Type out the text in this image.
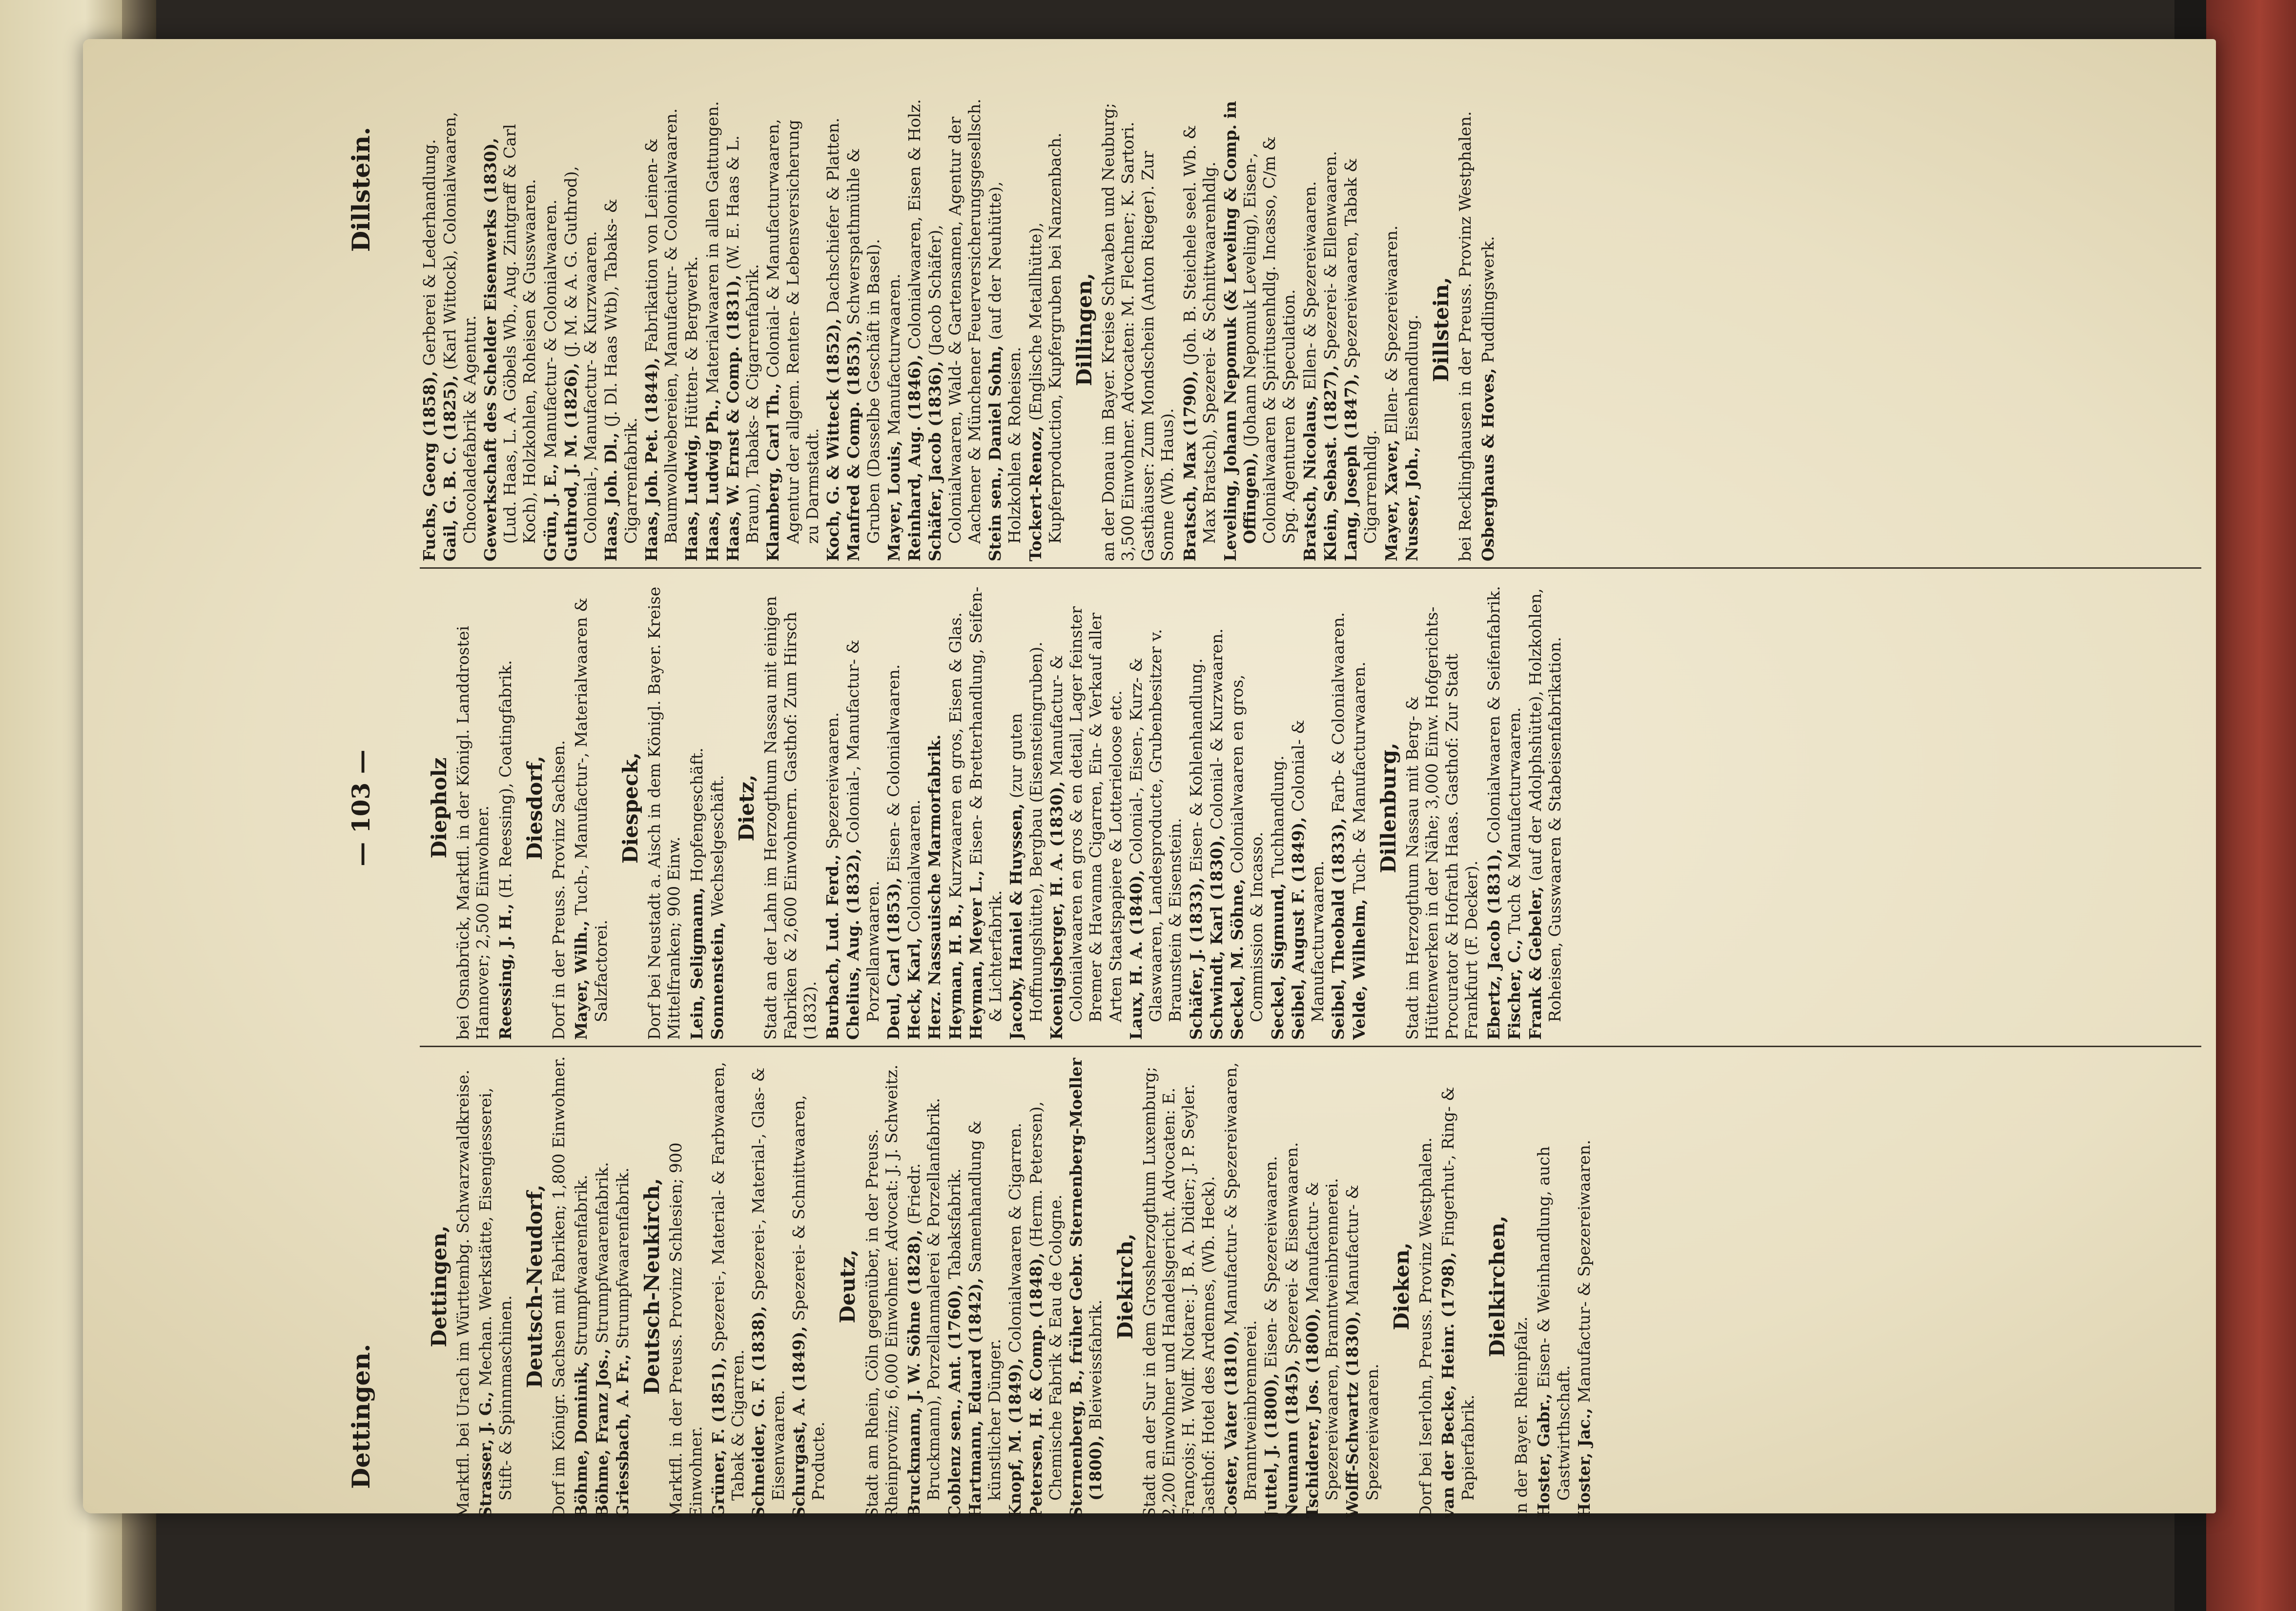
Dettingen.
— 103 —
Dillstein.
Dettingen, Marktfl. bei Urach im Württembg. Schwarzwaldkreise. Strasser, J. G., Mechan. Werkstätte, Eisengiesserei, Stift- & Spinnmaschinen.
Deutsch-Neudorf, Dorf im Königr. Sachsen mit Fabriken; 1,800 Einwohner. Böhme, Dominik, Strumpfwaarenfabrik.
Böhme, Franz Jos., Strumpfwaarenfabrik.
Griessbach, A. Fr., Strumpfwaarenfabrik. Deutsch-Neukirch, Marktfl. in der Preuss. Provinz Schlesien; 900 Einwohner. Grüner, F. (1851), Spezerei-, Material- & Farbwaaren, Tabak & Cigarren. Schneider, G. F. (1838), Spezerei-, Material-, Glas- & Eisenwaaren. Schurgast, A. (1849), Spezerei- & Schnittwaaren, Producte.
Deutz, Stadt am Rhein, Cöln gegenüber, in der Preuss. Rheinprovinz; 6,000 Einwohner. Advocat: J. J. Schweitz. Bruckmann, J. W. Söhne (1828), (Friedr. Bruckmann), Porzellanmalerei & Porzellanfabrik. Coblenz sen., Ant. (1760), Tabaksfabrik.
Hartmann, Eduard (1842), Samenhandlung & künstlicher Dünger. Knopf, M. (1849), Colonialwaaren & Cigarren.
Petersen, H. & Comp. (1848), (Herm. Petersen), Chemische Fabrik & Eau de Cologne. Sternenberg, B., früher Gebr. Sternenberg-Moeller (1800), Bleiweissfabrik.
Diekirch, Stadt an der Sur in dem Grossherzogthum Luxemburg; 2,200 Einwohner und Handelsgericht. Advocaten: E. François; H. Wolff. Notare: J. B. A. Didier; J. P. Seyler. Gasthof: Hotel des Ardennes, (Wb. Heck). Coster, Vater (1810), Manufactur- & Spezereiwaaren, Branntweinbrennerei. Juttel, J. (1800), Eisen- & Spezereiwaaren.
Neumann (1845), Spezerei- & Eisenwaaren.
Tschiderer, Jos. (1800), Manufactur- & Spezereiwaaren, Branntweinbrennerei. Wolff-Schwartz (1830), Manufactur- & Spezereiwaaren.
Dieken, Dorf bei Iserlohn, Preuss. Provinz Westphalen. van der Becke, Heinr. (1798), Fingerhut-, Ring- & Papierfabrik.
Dielkirchen,
in der Bayer. Rheinpfalz. Hoster, Gabr., Eisen- & Weinhandlung, auch Gastwirthschaft. Hoster, Jac., Manufactur- & Spezereiwaaren.
Diepholz bei Osnabrück, Marktfl. in der Königl. Landdrostei Hannover; 2,500 Einwohner. Reessing, J. H., (H. Reessing), Coatingfabrik. Diesdorf, Dorf in der Preuss. Provinz Sachsen. Mayer, Wilh., Tuch-, Manufactur-, Materialwaaren & Salzfactorei.
Diespeck, Dorf bei Neustadt a. Aisch in dem Königl. Bayer. Kreise Mittelfranken; 900 Einw. Lein, Seligmann, Hopfengeschäft.
Sonnenstein, Wechselgeschäft. Dietz, Stadt an der Lahn im Herzogthum Nassau mit einigen Fabriken & 2,600 Einwohnern. Gasthof: Zum Hirsch (1832). Burbach, Lud. Ferd., Spezereiwaaren.
Chelius, Aug. (1832), Colonial-, Manufactur- & Porzellanwaaren. Deul, Carl (1853), Eisen- & Colonialwaaren.
Heck, Karl, Colonialwaaren. Herz. Nassauische Marmorfabrik. Heyman, H. B., Kurzwaaren en gros, Eisen & Glas.
Heyman, Meyer L., Eisen- & Bretterhandlung, Seifen- & Lichterfabrik. Jacoby, Haniel & Huyssen, (zur guten Hoffnungshütte), Bergbau (Eisensteingruben). Koenigsberger, H. A. (1830), Manufactur- & Colonialwaaren en gros & en detail, Lager feinster Bremer & Havanna Cigarren, Ein- & Verkauf aller Arten Staatspapiere & Lotterieloose etc. Laux, H. A. (1840), Colonial-, Eisen-, Kurz- & Glaswaaren, Landesproducte, Grubenbesitzer v. Braunstein & Eisenstein. Schäfer, J. (1833), Eisen- & Kohlenhandlung.
Schwindt, Karl (1830), Colonial- & Kurzwaaren.
Seckel, M. Söhne, Colonialwaaren en gros, Commission & Incasso. Seckel, Sigmund, Tuchhandlung. Seibel, August F. (1849), Colonial- & Manufacturwaaren. Seibel, Theobald (1833), Farb- & Colonialwaaren.
Velde, Wilhelm, Tuch- & Manufacturwaaren. Dillenburg, Stadt im Herzogthum Nassau mit Berg- & Hüttenwerken in der Nähe; 3,000 Einw. Hofgerichts-Procurator & Hofrath Haas. Gasthof: Zur Stadt Frankfurt (F. Decker). Ebertz, Jacob (1831), Colonialwaaren & Seifenfabrik.
Fischer, C., Tuch & Manufacturwaaren.
Frank & Gebeler, (auf der Adolphshütte), Holzkohlen, Roheisen, Gusswaaren & Stabeisenfabrikation.
Fuchs, Georg (1858), Gerberei & Lederhandlung.
Gail, G. B. C. (1825), (Karl Wittock), Colonialwaaren, Chocoladefabrik & Agentur. Gewerkschaft des Schelder Eisenwerks (1830), (Lud. Haas, L. A. Göbels Wb., Aug. Zintgraff & Carl Koch), Holzkohlen, Roheisen & Gusswaaren. Grün, J. E., Manufactur- & Colonialwaaren. Guthrod, J. M. (1826), (J. M. & A. G. Guthrod), Colonial-, Manufactur- & Kurzwaaren. Haas, Joh. Dl., (J. Dl. Haas Wtb), Tabaks- & Cigarrenfabrik. Haas, Joh. Pet. (1844), Fabrikation von Leinen- & Baumwollwebereien, Manufactur- & Colonialwaaren. Haas, Ludwig, Hütten- & Bergwerk.
Haas, Ludwig Ph., Materialwaaren in allen Gattungen.
Haas, W. Ernst & Comp. (1831), (W. E. Haas & L. Braun), Tabaks- & Cigarrenfabrik. Klamberg, Carl Th., Colonial- & Manufacturwaaren, Agentur der allgem. Renten- & Lebensversicherung zu Darmstadt. Koch, G. & Witteck (1852), Dachschiefer & Platten.
Manfred & Comp. (1853), Schwerspathmühle & Gruben (Dasselbe Geschäft in Basel). Mayer, Louis, Manufacturwaaren. Reinhard, Aug. (1846), Colonialwaaren, Eisen & Holz.
Schäfer, Jacob (1836), (Jacob Schäfer), Colonialwaaren, Wald- & Gartensamen, Agentur der Aachener & Münchener Feuerversicherungsgesellsch. Stein sen., Daniel Sohn, (auf der Neuhütte), Holzkohlen & Roheisen. Tockert-Renoz, (Englische Metallhütte), Kupferproduction, Kupfergruben bei Nanzenbach. Dillingen, an der Donau im Bayer. Kreise Schwaben und Neuburg; 3,500 Einwohner. Advocaten: M. Flechner; K. Sartori. Gasthäuser: Zum Mondschein (Anton Rieger). Zur Sonne (Wb. Haus). Bratsch, Max (1790), (Joh. B. Steichele seel. Wb. & Max Bratsch), Spezerei- & Schnittwaarenhdlg. Leveling, Johann Nepomuk (& Leveling & Comp. in Offingen), (Johann Nepomuk Leveling), Eisen-, Colonialwaaren & Spiritusenhdlg. Incasso, C/m & Spg. Agenturen & Speculation. Bratsch, Nicolaus, Ellen- & Spezereiwaaren.
Klein, Sebast. (1827), Spezerei- & Ellenwaaren.
Lang, Joseph (1847), Spezereiwaaren, Tabak & Cigarrenhdlg. Mayer, Xaver, Ellen- & Spezereiwaaren.
Nusser, Joh., Eisenhandlung. Dillstein, bei Recklinghausen in der Preuss. Provinz Westphalen. Osberghaus & Hoves, Puddlingswerk.
